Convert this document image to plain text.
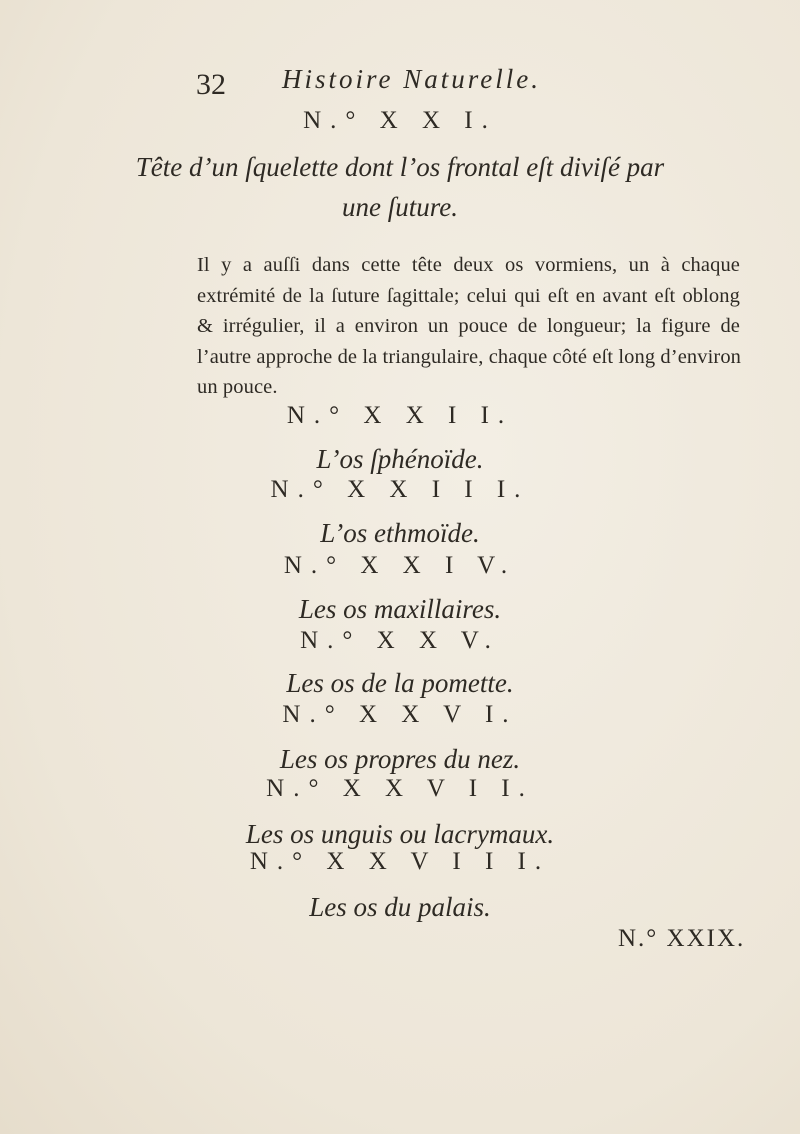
32 Histoire Naturelle.
N.° X X I.
Tête d’un ſquelette dont l’os frontal eſt diviſé par
une ſuture.
Il y a auſſi dans cette tête deux os vormiens, un à chaque
extrémité de la ſuture ſagittale; celui qui eſt en avant eſt oblong
& irrégulier, il a environ un pouce de longueur; la figure de
l’autre approche de la triangulaire, chaque côté eſt long d’environ
un pouce.
N.° X X I I.
L’os ſphénoïde.
N.° X X I I I.
L’os ethmoïde.
N.° X X I V.
Les os maxillaires.
N.° X X V.
Les os de la pomette.
N.° X X V I.
Les os propres du nez.
N.° X X V I I.
Les os unguis ou lacrymaux.
N.° X X V I I I.
Les os du palais.
N.° XXIX.
